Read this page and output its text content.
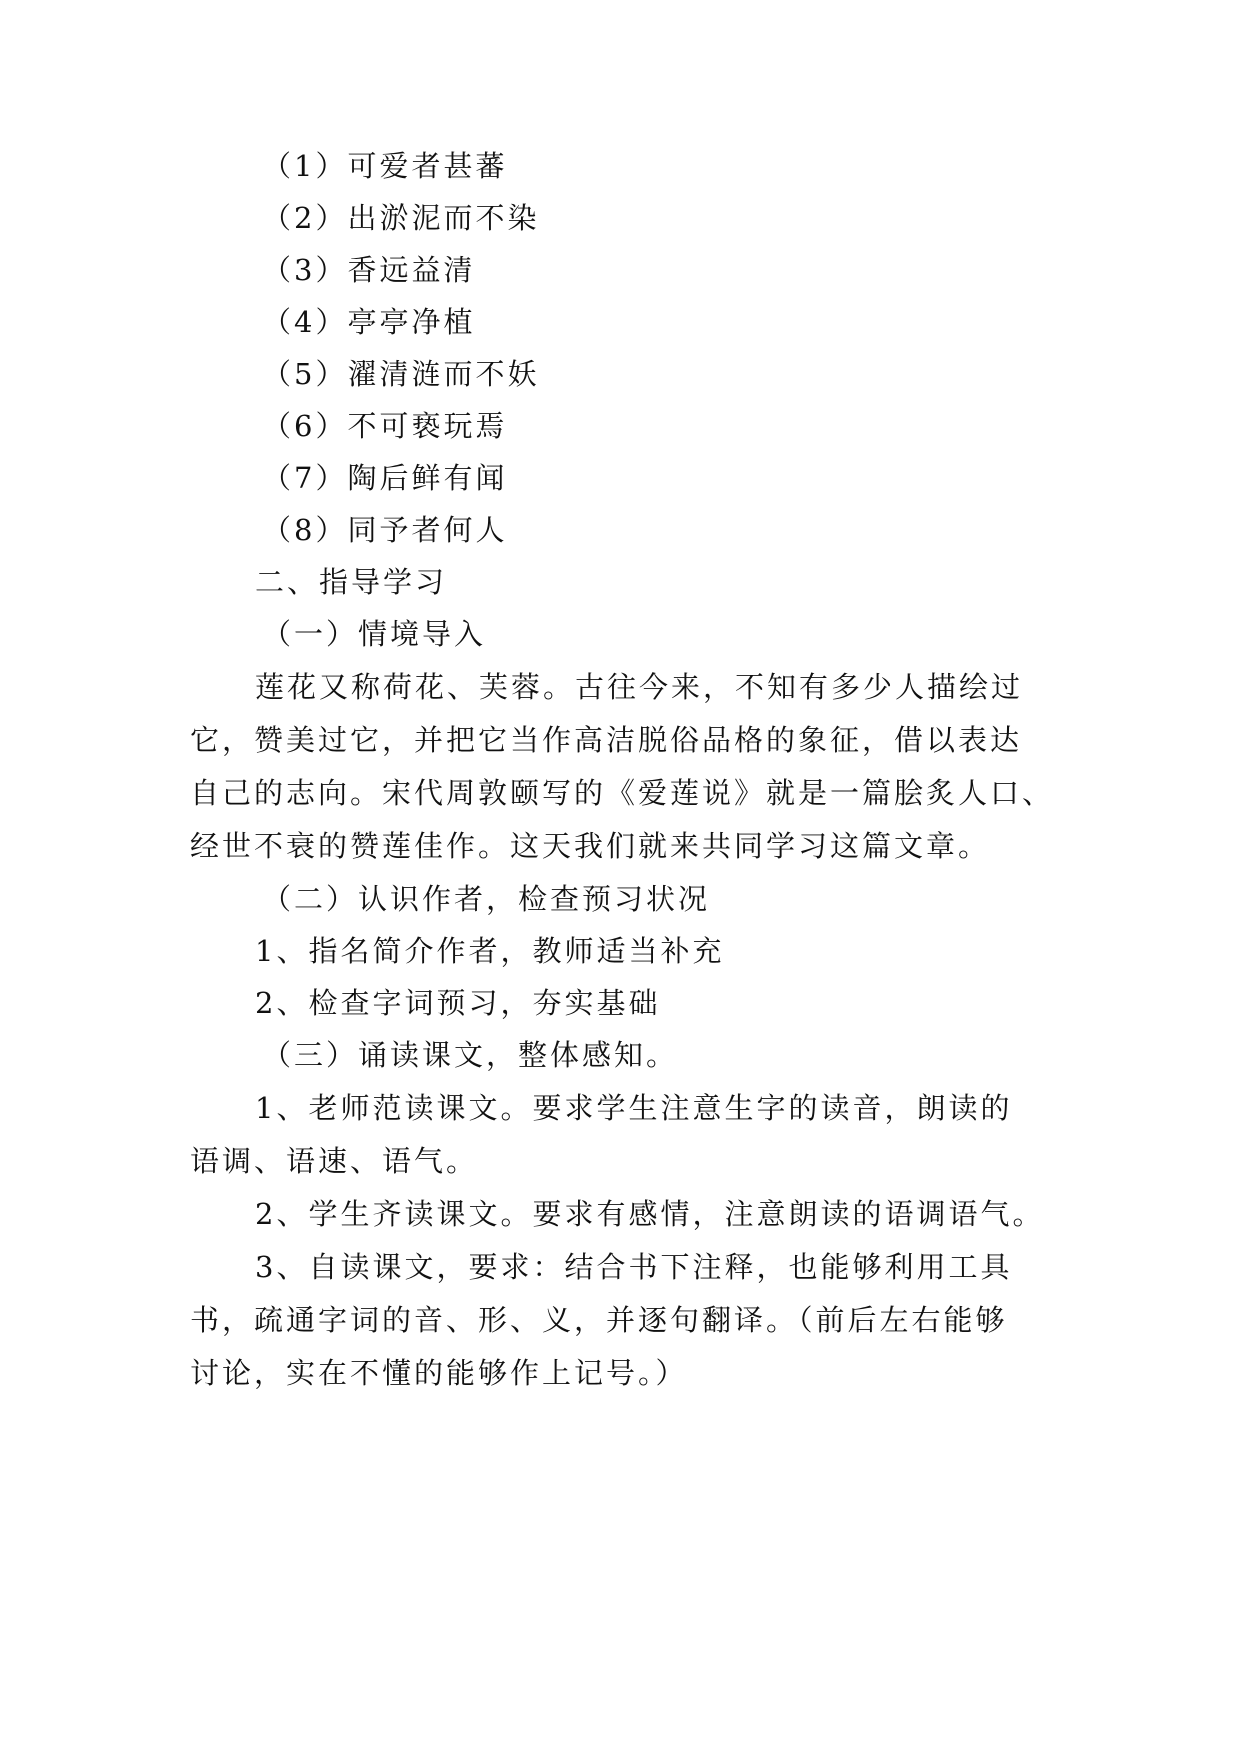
（1）可爱者甚蕃
（2）出淤泥而不染
（3）香远益清
（4）亭亭净植
（5）濯清涟而不妖
（6）不可亵玩焉
（7）陶后鲜有闻
（8）同予者何人
二、指导学习
（一）情境导入
莲花又称荷花、芙蓉。古往今来，不知有多少人描绘过
它，赞美过它，并把它当作高洁脱俗品格的象征，借以表达
自己的志向。宋代周敦颐写的《爱莲说》就是一篇脍炙人口、
经世不衰的赞莲佳作。这天我们就来共同学习这篇文章。
（二）认识作者，检查预习状况
1、指名简介作者，教师适当补充
2、检查字词预习，夯实基础
（三）诵读课文，整体感知。
1、老师范读课文。要求学生注意生字的读音，朗读的
语调、语速、语气。
2、学生齐读课文。要求有感情，注意朗读的语调语气。
3、自读课文，要求：结合书下注释，也能够利用工具
书，疏通字词的音、形、义，并逐句翻译。（前后左右能够
讨论，实在不懂的能够作上记号。）
